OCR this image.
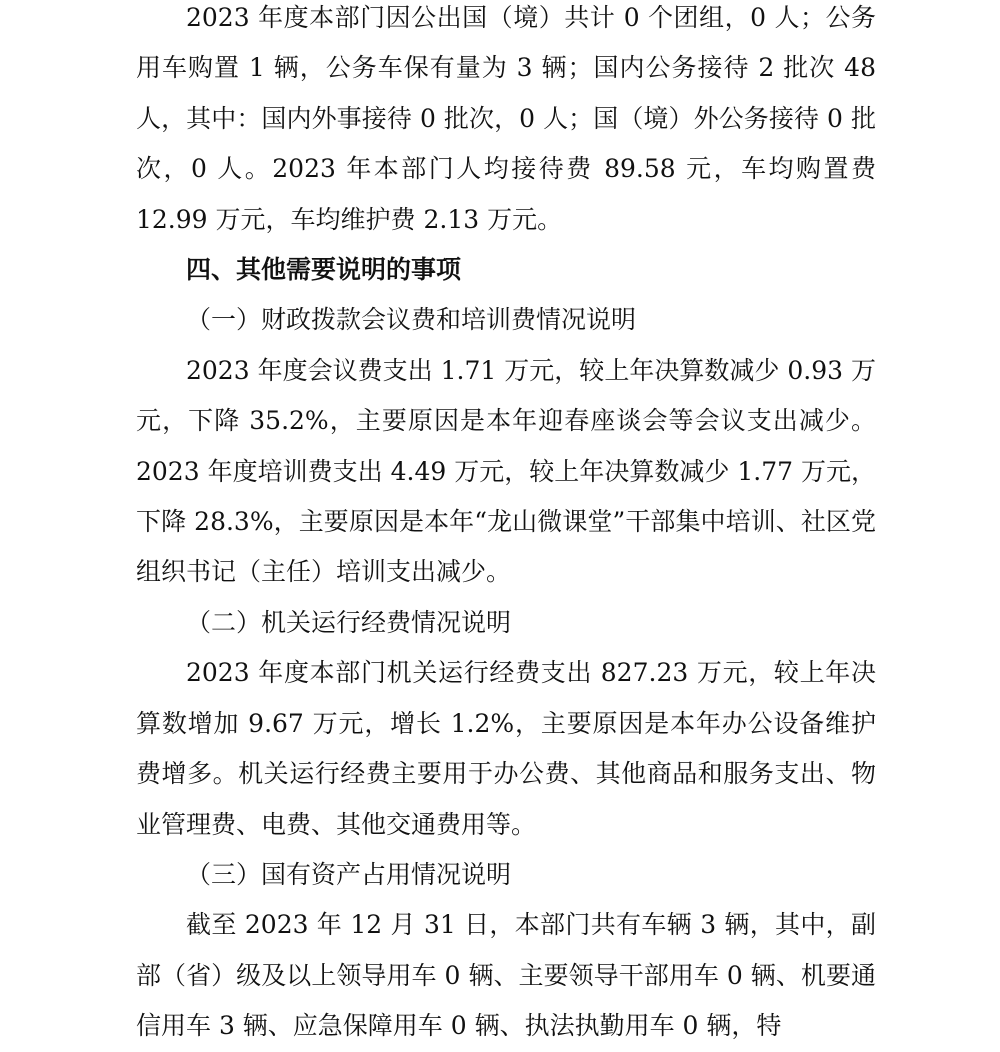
2023 年度本部门因公出国（境）共计 0 个团组，0 人；公务用车购置 1 辆，公务车保有量为 3 辆；国内公务接待 2 批次 48 人，其中：国内外事接待 0 批次，0 人；国（境）外公务接待 0 批次，0 人。2023 年本部门人均接待费 89.58 元，车均购置费 12.99 万元，车均维护费 2.13 万元。

四、其他需要说明的事项

（一）财政拨款会议费和培训费情况说明

2023 年度会议费支出 1.71 万元，较上年决算数减少 0.93 万元，下降 35.2%，主要原因是本年迎春座谈会等会议支出减少。2023 年度培训费支出 4.49 万元，较上年决算数减少 1.77 万元，下降 28.3%，主要原因是本年“龙山微课堂”干部集中培训、社区党组织书记（主任）培训支出减少。

（二）机关运行经费情况说明

2023 年度本部门机关运行经费支出 827.23 万元，较上年决算数增加 9.67 万元，增长 1.2%，主要原因是本年办公设备维护费增多。机关运行经费主要用于办公费、其他商品和服务支出、物业管理费、电费、其他交通费用等。

（三）国有资产占用情况说明

截至 2023 年 12 月 31 日，本部门共有车辆 3 辆，其中，副部（省）级及以上领导用车 0 辆、主要领导干部用车 0 辆、机要通信用车 3 辆、应急保障用车 0 辆、执法执勤用车 0 辆，特
